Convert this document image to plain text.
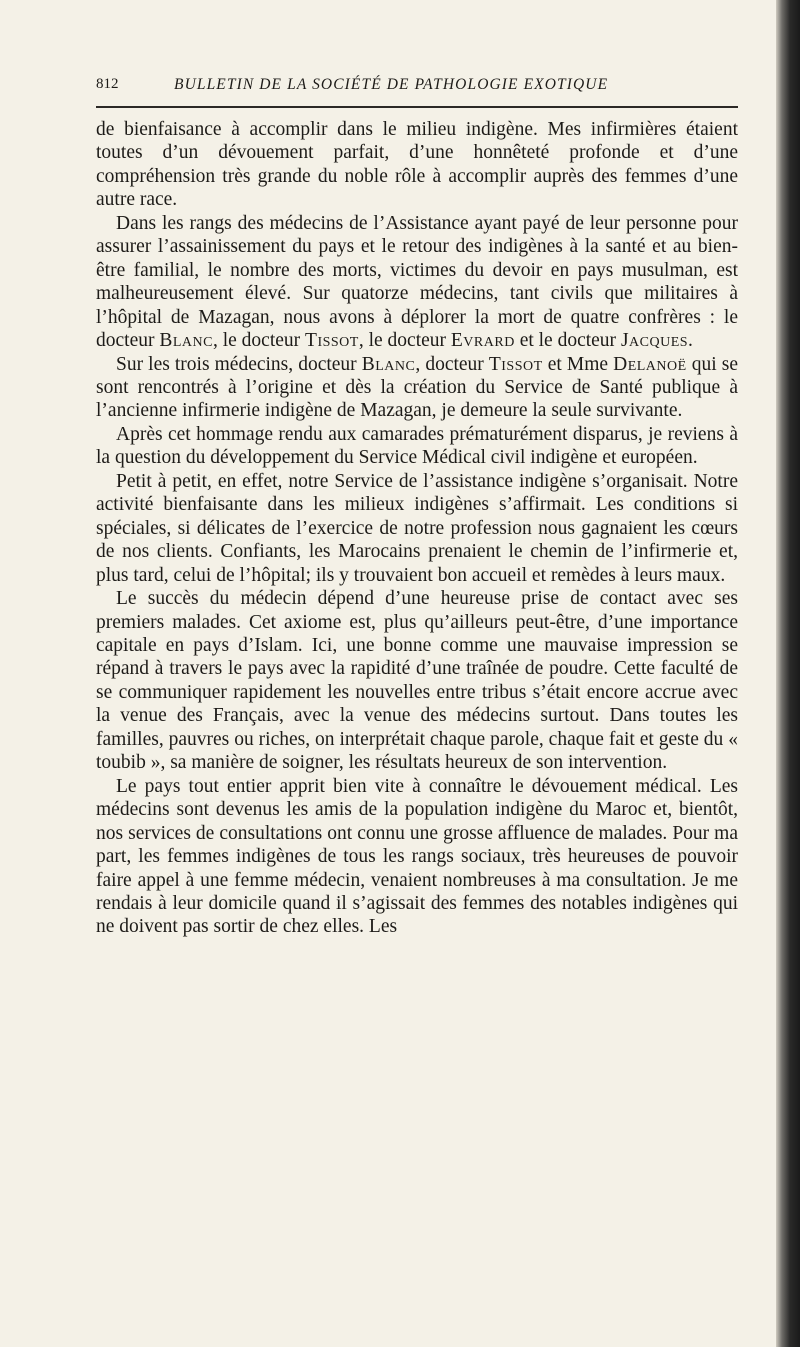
812	BULLETIN DE LA SOCIÉTÉ DE PATHOLOGIE EXOTIQUE

de bienfaisance à accomplir dans le milieu indigène. Mes infirmières étaient toutes d’un dévouement parfait, d’une honnêteté profonde et d’une compréhension très grande du noble rôle à accomplir auprès des femmes d’une autre race.

Dans les rangs des médecins de l’Assistance ayant payé de leur personne pour assurer l’assainissement du pays et le retour des indigènes à la santé et au bien-être familial, le nombre des morts, victimes du devoir en pays musulman, est malheureusement élevé. Sur quatorze médecins, tant civils que militaires à l’hôpital de Mazagan, nous avons à déplorer la mort de quatre confrères : le docteur Blanc, le docteur Tissot, le docteur Evrard et le docteur Jacques.

Sur les trois médecins, docteur Blanc, docteur Tissot et Mme Delanoë qui se sont rencontrés à l’origine et dès la création du Service de Santé publique à l’ancienne infirmerie indigène de Mazagan, je demeure la seule survivante.

Après cet hommage rendu aux camarades prématurément disparus, je reviens à la question du développement du Service Médical civil indigène et européen.

Petit à petit, en effet, notre Service de l’assistance indigène s’organisait. Notre activité bienfaisante dans les milieux indigènes s’affirmait. Les conditions si spéciales, si délicates de l’exercice de notre profession nous gagnaient les cœurs de nos clients. Confiants, les Marocains prenaient le chemin de l’infirmerie et, plus tard, celui de l’hôpital; ils y trouvaient bon accueil et remèdes à leurs maux.

Le succès du médecin dépend d’une heureuse prise de contact avec ses premiers malades. Cet axiome est, plus qu’ailleurs peut-être, d’une importance capitale en pays d’Islam. Ici, une bonne comme une mauvaise impression se répand à travers le pays avec la rapidité d’une traînée de poudre. Cette faculté de se communiquer rapidement les nouvelles entre tribus s’était encore accrue avec la venue des Français, avec la venue des médecins surtout. Dans toutes les familles, pauvres ou riches, on interprétait chaque parole, chaque fait et geste du « toubib », sa manière de soigner, les résultats heureux de son intervention.

Le pays tout entier apprit bien vite à connaître le dévouement médical. Les médecins sont devenus les amis de la population indigène du Maroc et, bientôt, nos services de consultations ont connu une grosse affluence de malades. Pour ma part, les femmes indigènes de tous les rangs sociaux, très heureuses de pouvoir faire appel à une femme médecin, venaient nombreuses à ma consultation. Je me rendais à leur domicile quand il s’agissait des femmes des notables indigènes qui ne doivent pas sortir de chez elles. Les
